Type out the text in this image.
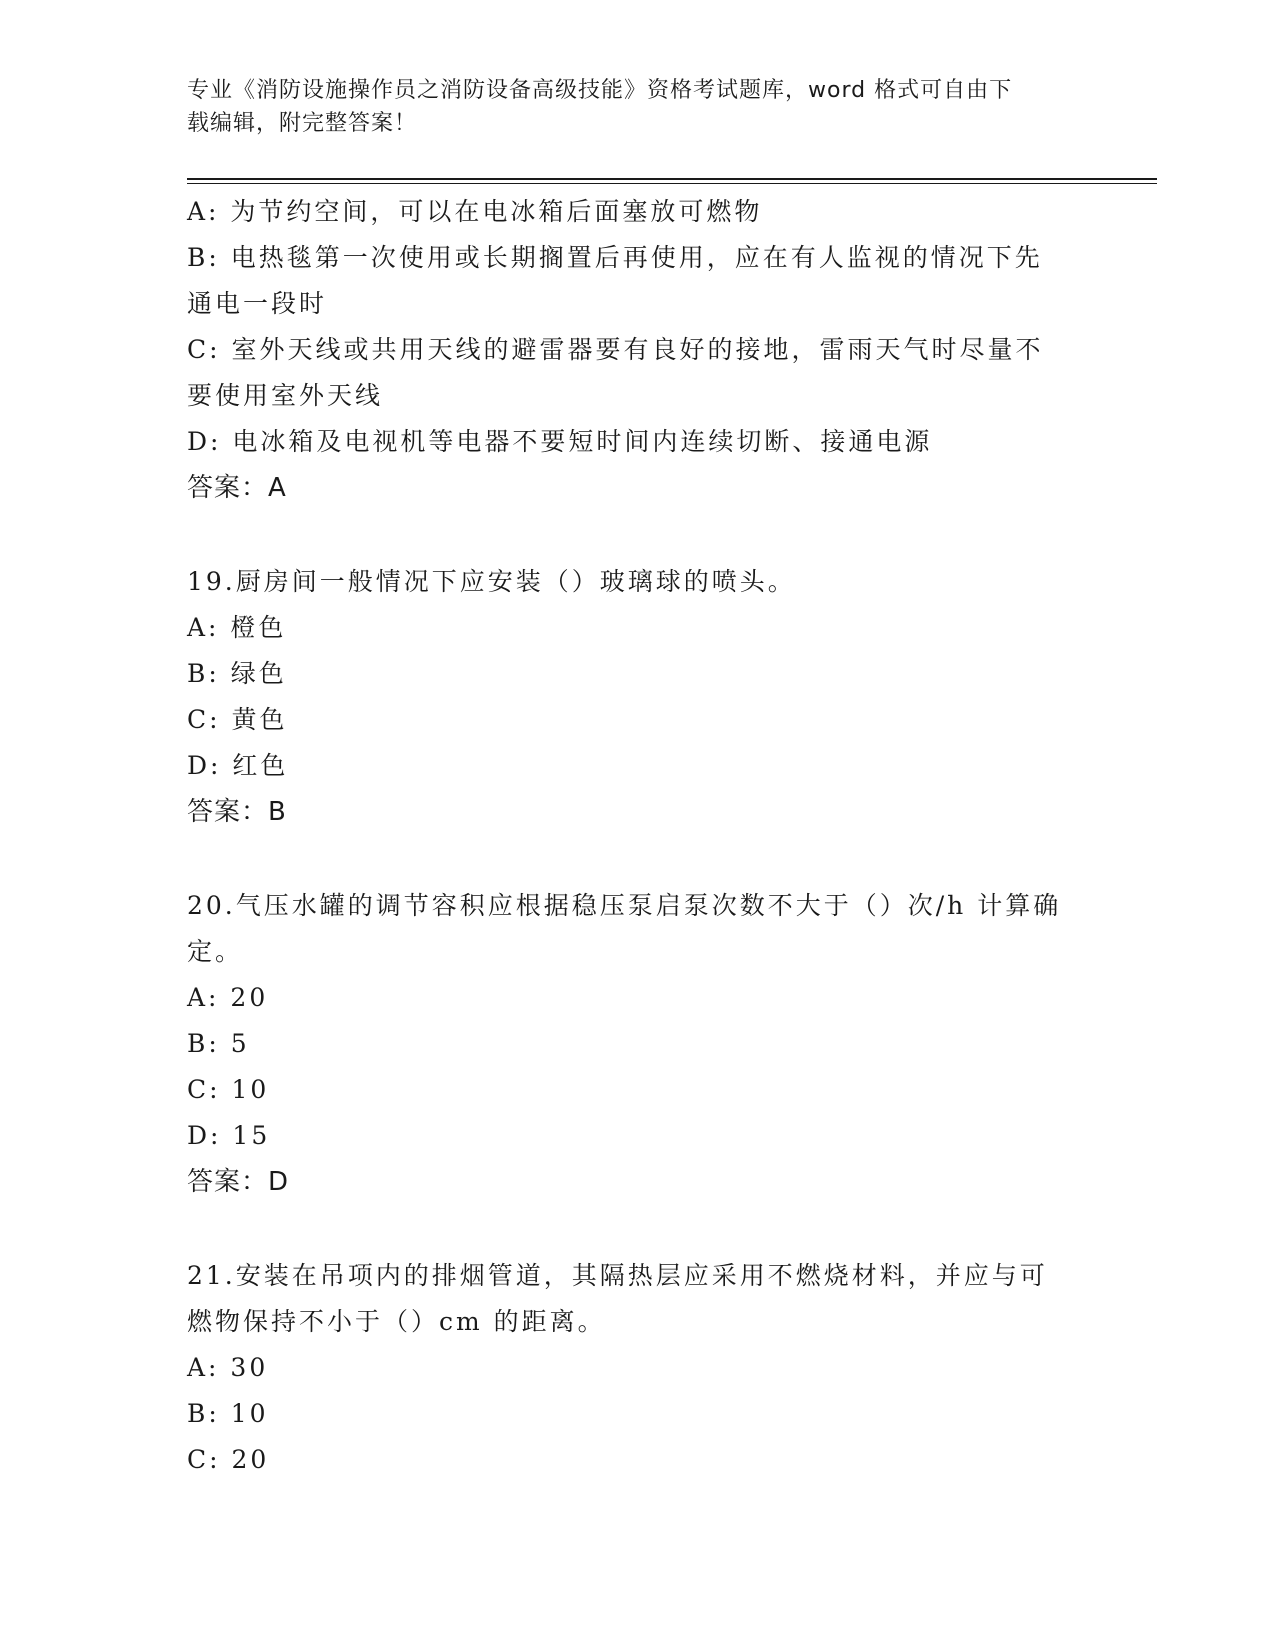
专业《消防设施操作员之消防设备高级技能》资格考试题库，word 格式可自由下
载编辑，附完整答案！

A: 为节约空间，可以在电冰箱后面塞放可燃物

B: 电热毯第一次使用或长期搁置后再使用，应在有人监视的情况下先

通电一段时

C: 室外天线或共用天线的避雷器要有良好的接地，雷雨天气时尽量不

要使用室外天线

D: 电冰箱及电视机等电器不要短时间内连续切断、接通电源

答案：A

19.厨房间一般情况下应安装（）玻璃球的喷头。

A: 橙色

B: 绿色

C: 黄色

D: 红色

答案：B

20.气压水罐的调节容积应根据稳压泵启泵次数不大于（）次/h 计算确

定。

A: 20

B: 5

C: 10

D: 15

答案：D

21.安装在吊项内的排烟管道，其隔热层应采用不燃烧材料，并应与可

燃物保持不小于（）cm 的距离。

A: 30

B: 10

C: 20
